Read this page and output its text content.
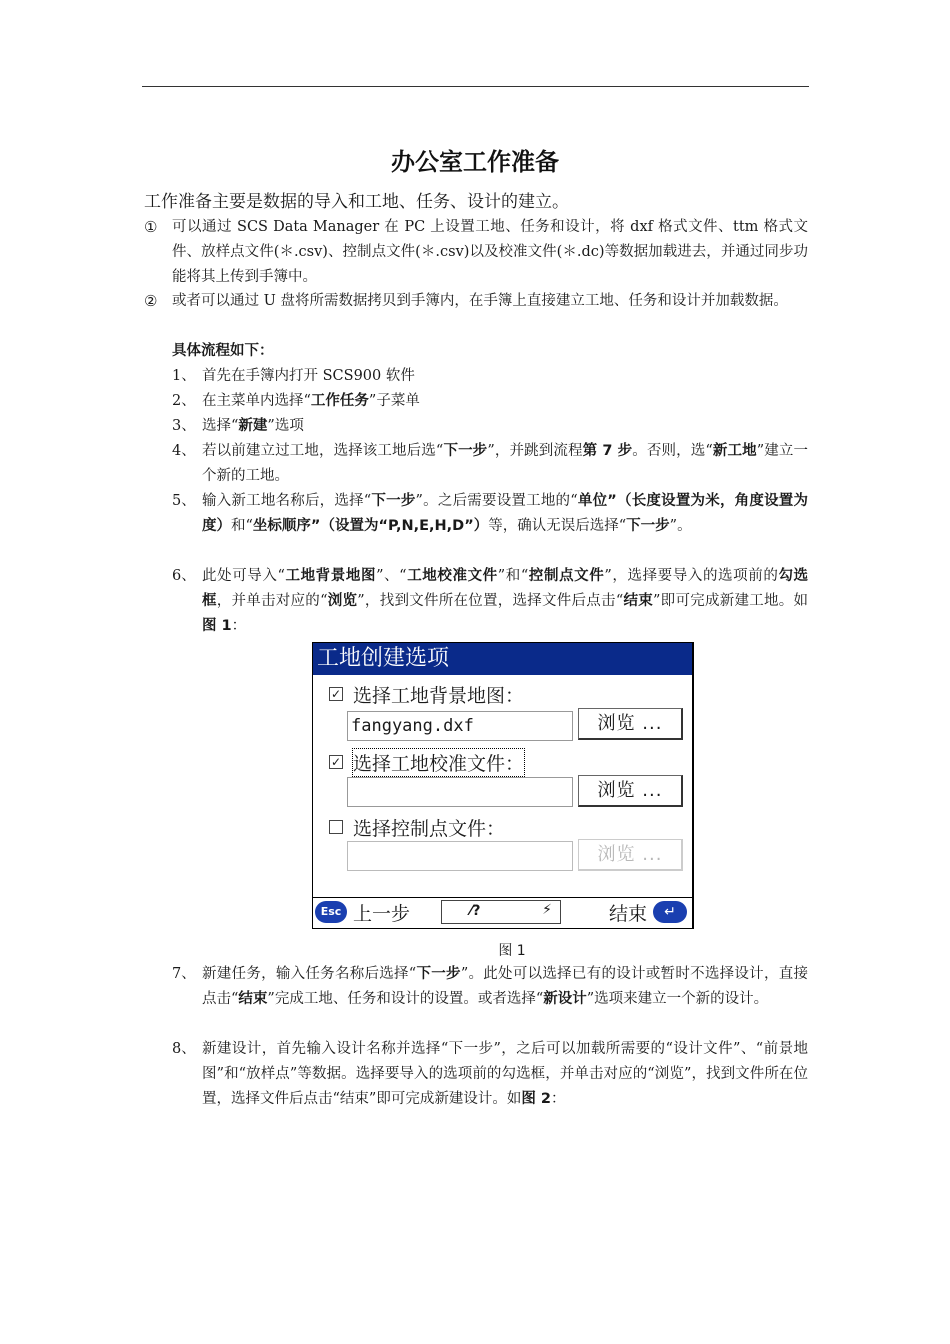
办公室工作准备
工作准备主要是数据的导入和工地、任务、设计的建立。
① 可以通过 SCS Data Manager 在 PC 上设置工地、任务和设计，将 dxf 格式文件、ttm 格式文件、放样点文件(＊.csv)、控制点文件(＊.csv)以及校准文件(＊.dc)等数据加载进去，并通过同步功能将其上传到手簿中。
② 或者可以通过 U 盘将所需数据拷贝到手簿内，在手簿上直接建立工地、任务和设计并加载数据。
具体流程如下：
1、 首先在手簿内打开 SCS900 软件
2、 在主菜单内选择“工作任务”子菜单
3、 选择“新建”选项
4、 若以前建立过工地，选择该工地后选“下一步”，并跳到流程第 7 步。否则，选“新工地”建立一个新的工地。
5、 输入新工地名称后，选择“下一步”。之后需要设置工地的“单位”（长度设置为米，角度设置为度）和“坐标顺序”（设置为“P,N,E,H,D”）等，确认无误后选择“下一步”。
6、 此处可导入“工地背景地图”、“工地校准文件”和“控制点文件”，选择要导入的选项前的勾选框，并单击对应的“浏览”，找到文件所在位置，选择文件后点击“结束”即可完成新建工地。如图 1：
工地创建选项
✓ 选择工地背景地图：
fangyang.dxf	浏览 ...
✓ 选择工地校准文件：
浏览 ...
选择控制点文件：
浏览 ...
Esc 上一步	⁄?	⚡	结束	↵
图 1
7、 新建任务，输入任务名称后选择“下一步”。此处可以选择已有的设计或暂时不选择设计，直接点击“结束”完成工地、任务和设计的设置。或者选择“新设计”选项来建立一个新的设计。
8、 新建设计，首先输入设计名称并选择“下一步”，之后可以加载所需要的“设计文件”、“前景地图”和“放样点”等数据。选择要导入的选项前的勾选框，并单击对应的“浏览”，找到文件所在位置，选择文件后点击“结束”即可完成新建设计。如图 2：
